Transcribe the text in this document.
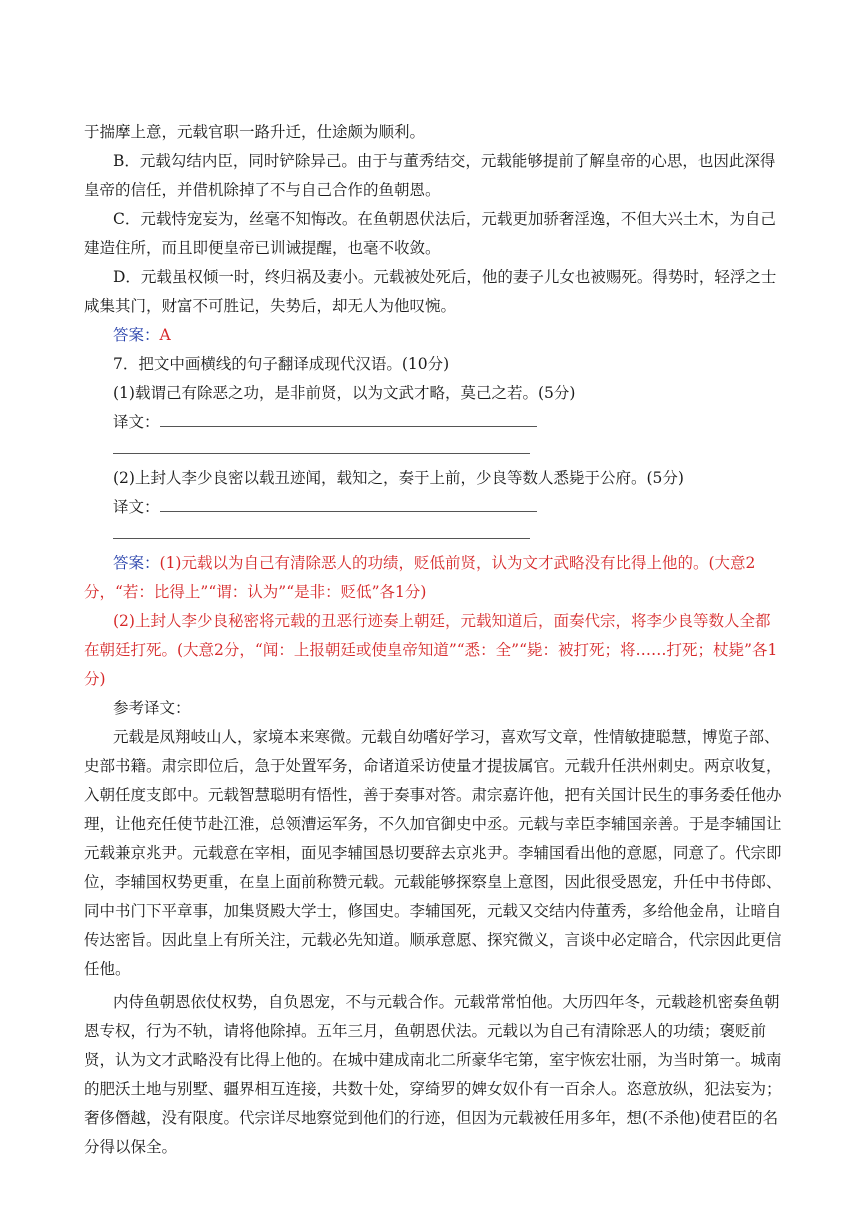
于揣摩上意，元载官职一路升迁，仕途颇为顺利。

B．元载勾结内臣，同时铲除异己。由于与董秀结交，元载能够提前了解皇帝的心思，也因此深得皇帝的信任，并借机除掉了不与自己合作的鱼朝恩。

C．元载恃宠妄为，丝毫不知悔改。在鱼朝恩伏法后，元载更加骄奢淫逸，不但大兴土木，为自己建造住所，而且即便皇帝已训诫提醒，也毫不收敛。

D．元载虽权倾一时，终归祸及妻小。元载被处死后，他的妻子儿女也被赐死。得势时，轻浮之士咸集其门，财富不可胜记，失势后，却无人为他叹惋。

答案：A

7．把文中画横线的句子翻译成现代汉语。(10分)

(1)载谓己有除恶之功，是非前贤，以为文武才略，莫己之若。(5分)

译文：

(2)上封人李少良密以载丑迹闻，载知之，奏于上前，少良等数人悉毙于公府。(5分)

译文：

答案：(1)元载以为自己有清除恶人的功绩，贬低前贤，认为文才武略没有比得上他的。(大意2分，“若：比得上”“谓：认为”“是非：贬低”各1分)

(2)上封人李少良秘密将元载的丑恶行迹奏上朝廷，元载知道后，面奏代宗，将李少良等数人全都在朝廷打死。(大意2分，“闻：上报朝廷或使皇帝知道”“悉：全”“毙：被打死；将……打死；杖毙”各1分)

参考译文：

元载是凤翔岐山人，家境本来寒微。元载自幼嗜好学习，喜欢写文章，性情敏捷聪慧，博览子部、史部书籍。肃宗即位后，急于处置军务，命诸道采访使量才提拔属官。元载升任洪州刺史。两京收复，入朝任度支郎中。元载智慧聪明有悟性，善于奏事对答。肃宗嘉许他，把有关国计民生的事务委任他办理，让他充任使节赴江淮，总领漕运军务，不久加官御史中丞。元载与幸臣李辅国亲善。于是李辅国让元载兼京兆尹。元载意在宰相，面见李辅国恳切要辞去京兆尹。李辅国看出他的意愿，同意了。代宗即位，李辅国权势更重，在皇上面前称赞元载。元载能够探察皇上意图，因此很受恩宠，升任中书侍郎、同中书门下平章事，加集贤殿大学士，修国史。李辅国死，元载又交结内侍董秀，多给他金帛，让暗自传达密旨。因此皇上有所关注，元载必先知道。顺承意愿、探究微义，言谈中必定暗合，代宗因此更信任他。

内侍鱼朝恩依仗权势，自负恩宠，不与元载合作。元载常常怕他。大历四年冬，元载趁机密奏鱼朝恩专权，行为不轨，请将他除掉。五年三月，鱼朝恩伏法。元载以为自己有清除恶人的功绩；褒贬前贤，认为文才武略没有比得上他的。在城中建成南北二所豪华宅第，室宇恢宏壮丽，为当时第一。城南的肥沃土地与别墅、疆界相互连接，共数十处，穿绮罗的婢女奴仆有一百余人。恣意放纵，犯法妄为；奢侈僭越，没有限度。代宗详尽地察觉到他们的行迹，但因为元载被任用多年，想(不杀他)使君臣的名分得以保全。
